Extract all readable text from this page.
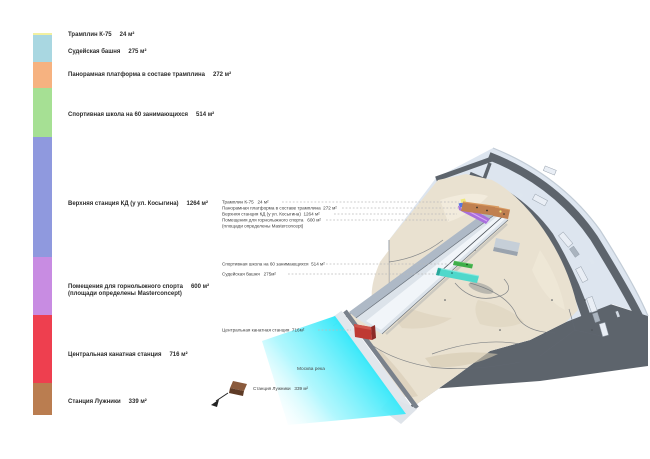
Трамплин К-75 24 м²
Судейская башня 275 м²
Панорамная платформа в составе трамплина 272 м²
Спортивная школа на 60 занимающихся 514 м²
Верхняя станция КД (у ул. Косыгина) 1264 м²
Помещения для горнолыжного спорта 600 м²
(площади определены Masterconcept)
Центральная канатная станция 716 м²
Станция Лужники 339 м²
Трамплин К-75   24 м²
Панорамная платформа в составе трамплина  272 м²
Верхняя станция КД (у ул. Косыгина)  1264 м²
Помещения для горнолыжного спорта   600 м²
(площади определены Masterconcept)
Спортивная школа на 60 занимающихся  514 м²
Судейская башня   275м²
Центральная канатная станция  716м²
Москва река
Станция Лужники   339 м²
